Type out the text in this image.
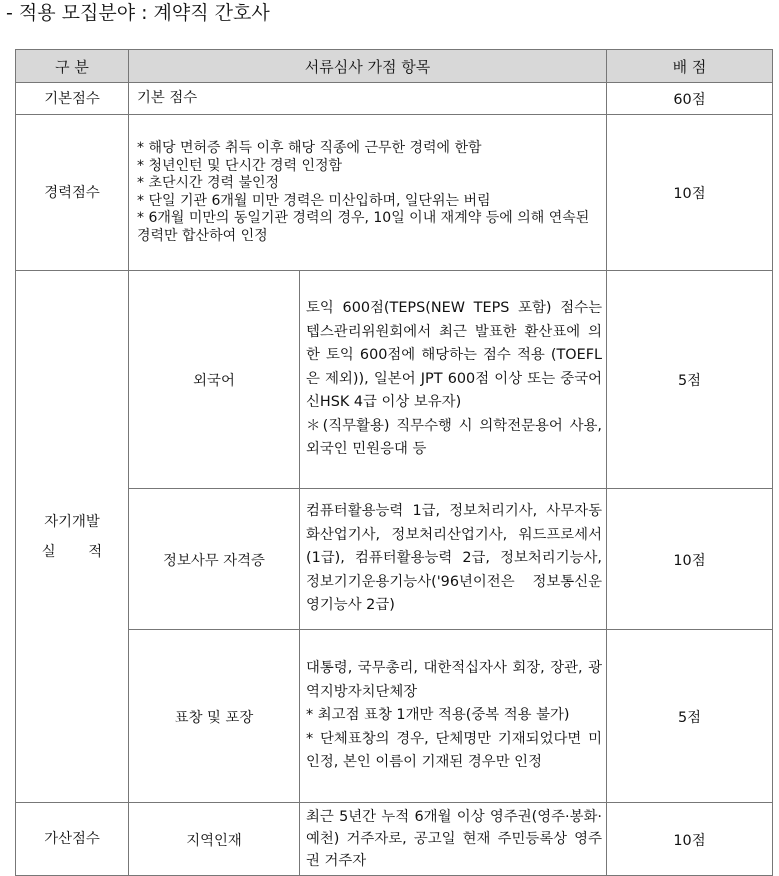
- 적용 모집분야 : 계약직 간호사
구 분	서류심사 가점 항목		배 점
기본점수	기본 점수		60점
경력점수	* 해당 면허증 취득 이후 해당 직종에 근무한 경력에 한함
* 청년인턴 및 단시간 경력 인정함
* 초단시간 경력 불인정
* 단일 기관 6개월 미만 경력은 미산입하며, 일단위는 버림
* 6개월 미만의 동일기관 경력의 경우, 10일 이내 재계약 등에 의해 연속된 경력만 합산하여 인정		10점

자기개발
실 적	외국어	토익 600점(TEPS(NEW TEPS 포함) 점수는 텝스관리위원회에서 최근 발표한 환산표에 의한 토익 600점에 해당하는 점수 적용 (TOEFL은 제외)), 일본어 JPT 600점 이상 또는 중국어 신HSK 4급 이상 보유자)
＊(직무활용) 직무수행 시 의학전문용어 사용, 외국인 민원응대 등	5점
	정보사무 자격증	컴퓨터활용능력 1급, 정보처리기사, 사무자동화산업기사, 정보처리산업기사, 워드프로세서(1급), 컴퓨터활용능력 2급, 정보처리기능사, 정보기기운용기능사('96년이전은 정보통신운영기능사 2급)	10점
	표창 및 포장	대통령, 국무총리, 대한적십자사 회장, 장관, 광역지방자치단체장
* 최고점 표창 1개만 적용(중복 적용 불가)
* 단체표창의 경우, 단체명만 기재되었다면 미인정, 본인 이름이 기재된 경우만 인정	5점
가산점수	지역인재	최근 5년간 누적 6개월 이상 영주권(영주·봉화·예천) 거주자로, 공고일 현재 주민등록상 영주권 거주자	10점
